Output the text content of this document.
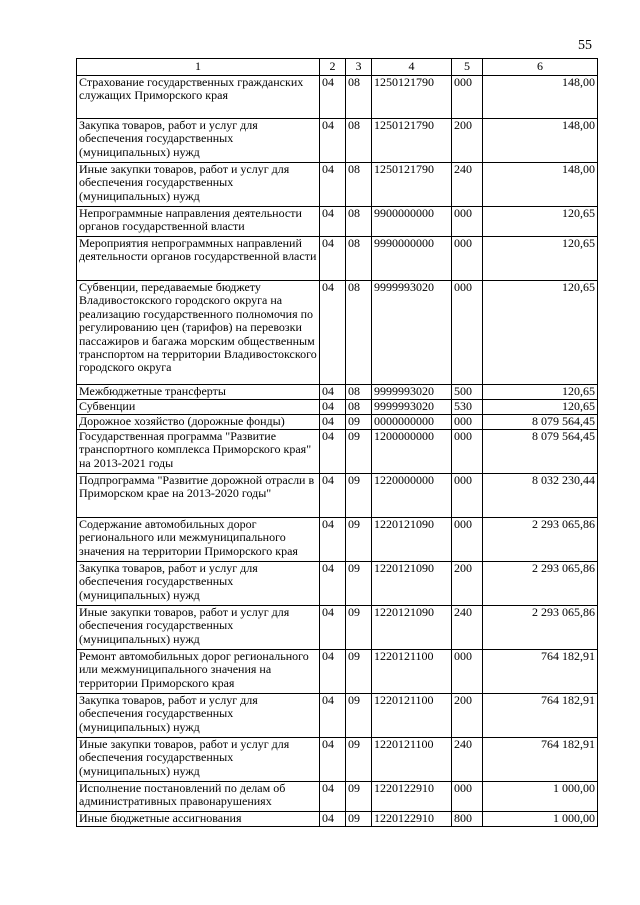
55
1	2	3	4	5	6
Страхование государственных гражданских служащих Приморского края	04	08	1250121790	000	148,00
Закупка товаров, работ и услуг для обеспечения государственных (муниципальных) нужд	04	08	1250121790	200	148,00
Иные закупки товаров, работ и услуг для обеспечения государственных (муниципальных) нужд	04	08	1250121790	240	148,00
Непрограммные направления деятельности органов государственной власти	04	08	9900000000	000	120,65
Мероприятия непрограммных направлений деятельности органов государственной власти	04	08	9990000000	000	120,65
Субвенции, передаваемые бюджету Владивостокского городского округа на реализацию государственного полномочия по регулированию цен (тарифов) на перевозки пассажиров и багажа морским общественным транспортом на территории Владивостокского городского округа	04	08	9999993020	000	120,65
Межбюджетные трансферты	04	08	9999993020	500	120,65
Субвенции	04	08	9999993020	530	120,65
Дорожное хозяйство (дорожные фонды)	04	09	0000000000	000	8 079 564,45
Государственная программа "Развитие транспортного комплекса Приморского края" на 2013-2021 годы	04	09	1200000000	000	8 079 564,45
Подпрограмма "Развитие дорожной отрасли в Приморском крае на 2013-2020 годы"	04	09	1220000000	000	8 032 230,44
Содержание автомобильных дорог регионального или межмуниципального значения на территории Приморского края	04	09	1220121090	000	2 293 065,86
Закупка товаров, работ и услуг для обеспечения государственных (муниципальных) нужд	04	09	1220121090	200	2 293 065,86
Иные закупки товаров, работ и услуг для обеспечения государственных (муниципальных) нужд	04	09	1220121090	240	2 293 065,86
Ремонт автомобильных дорог регионального или межмуниципального значения на территории Приморского края	04	09	1220121100	000	764 182,91
Закупка товаров, работ и услуг для обеспечения государственных (муниципальных) нужд	04	09	1220121100	200	764 182,91
Иные закупки товаров, работ и услуг для обеспечения государственных (муниципальных) нужд	04	09	1220121100	240	764 182,91
Исполнение постановлений по делам об административных правонарушениях	04	09	1220122910	000	1 000,00
Иные бюджетные ассигнования	04	09	1220122910	800	1 000,00
